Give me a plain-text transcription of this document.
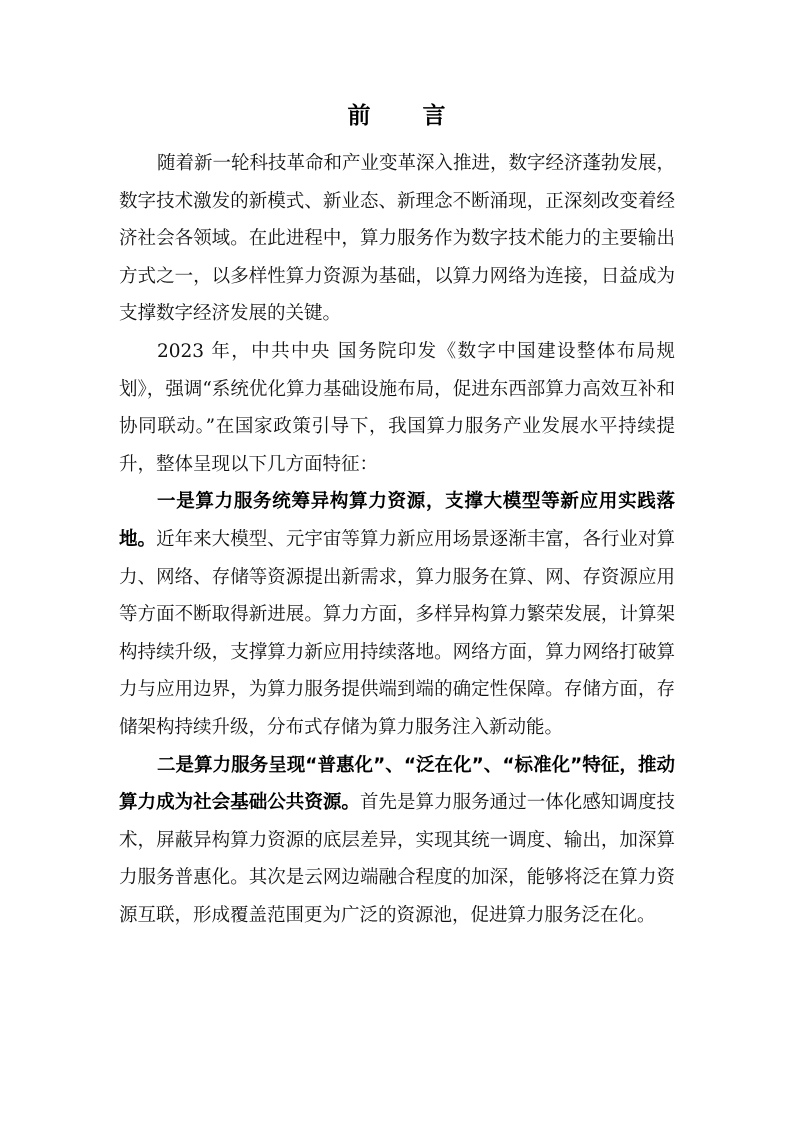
前 言

随着新一轮科技革命和产业变革深入推进，数字经济蓬勃发展，数字技术激发的新模式、新业态、新理念不断涌现，正深刻改变着经济社会各领域。在此进程中，算力服务作为数字技术能力的主要输出方式之一，以多样性算力资源为基础，以算力网络为连接，日益成为支撑数字经济发展的关键。

2023 年，中共中央 国务院印发《数字中国建设整体布局规划》，强调“系统优化算力基础设施布局，促进东西部算力高效互补和协同联动。”在国家政策引导下，我国算力服务产业发展水平持续提升，整体呈现以下几方面特征：

一是算力服务统筹异构算力资源，支撑大模型等新应用实践落地。近年来大模型、元宇宙等算力新应用场景逐渐丰富，各行业对算力、网络、存储等资源提出新需求，算力服务在算、网、存资源应用等方面不断取得新进展。算力方面，多样异构算力繁荣发展，计算架构持续升级，支撑算力新应用持续落地。网络方面，算力网络打破算力与应用边界，为算力服务提供端到端的确定性保障。存储方面，存储架构持续升级，分布式存储为算力服务注入新动能。

二是算力服务呈现“普惠化”、“泛在化”、“标准化”特征，推动算力成为社会基础公共资源。首先是算力服务通过一体化感知调度技术，屏蔽异构算力资源的底层差异，实现其统一调度、输出，加深算力服务普惠化。其次是云网边端融合程度的加深，能够将泛在算力资源互联，形成覆盖范围更为广泛的资源池，促进算力服务泛在化。
